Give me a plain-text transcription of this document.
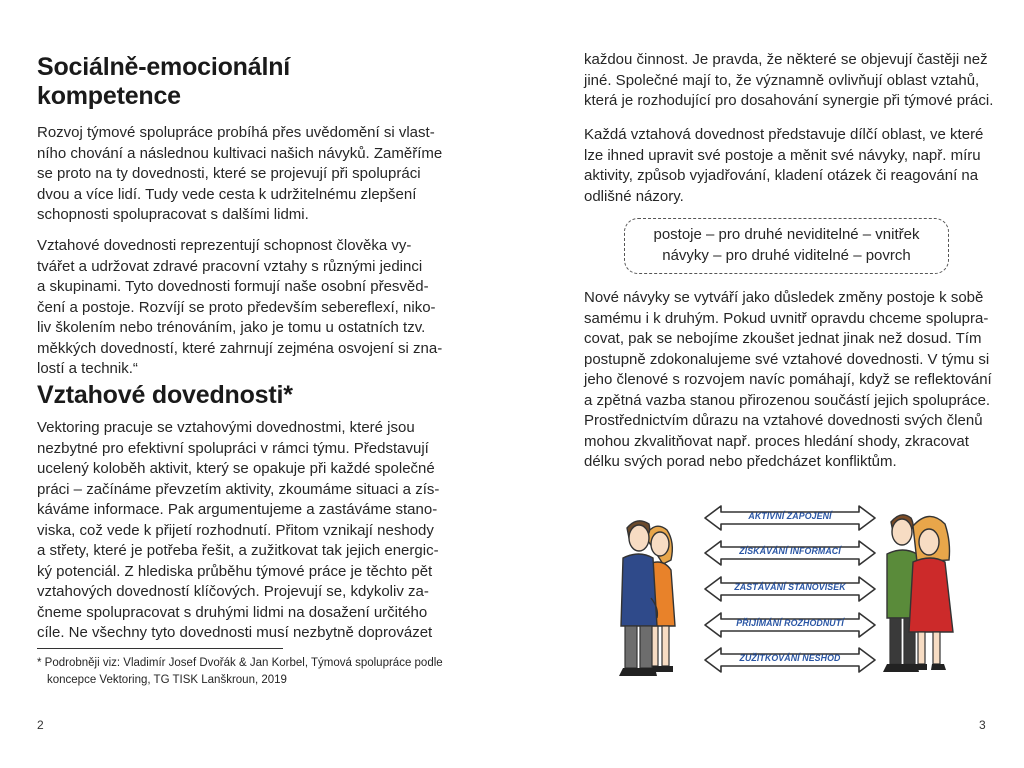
Sociálně-emocionální
kompetence

Rozvoj týmové spolupráce probíhá přes uvědomění si vlast-
ního chování a následnou kultivaci našich návyků. Zaměříme
se proto na ty dovednosti, které se projevují při spolupráci
dvou a více lidí. Tudy vede cesta k udržitelnému zlepšení
schopnosti spolupracovat s dalšími lidmi.

Vztahové dovednosti reprezentují schopnost člověka vy-
tvářet a udržovat zdravé pracovní vztahy s různými jedinci
a skupinami. Tyto dovednosti formují naše osobní přesvěd-
čení a postoje. Rozvíjí se proto především sebereflexí, niko-
liv školením nebo trénováním, jako je tomu u ostatních tzv.
měkkých dovedností, které zahrnují zejména osvojení si zna-
lostí a technik.“

Vztahové dovednosti*

Vektoring pracuje se vztahovými dovednostmi, které jsou
nezbytné pro efektivní spolupráci v rámci týmu. Představují
ucelený koloběh aktivit, který se opakuje při každé společné
práci – začínáme převzetím aktivity, zkoumáme situaci a zís-
káváme informace. Pak argumentujeme a zastáváme stano-
viska, což vede k přijetí rozhodnutí. Přitom vznikají neshody
a střety, které je potřeba řešit, a zužitkovat tak jejich energic-
ký potenciál. Z hlediska průběhu týmové práce je těchto pět
vztahových dovedností klíčových. Projevují se, kdykoliv za-
čneme spolupracovat s druhými lidmi na dosažení určitého
cíle. Ne všechny tyto dovednosti musí nezbytně doprovázet

* Podrobněji viz: Vladimír Josef Dvořák & Jan Korbel, Týmová spolupráce podle
koncepce Vektoring, TG TISK Lanškroun, 2019

2

každou činnost. Je pravda, že některé se objevují častěji než
jiné. Společné mají to, že významně ovlivňují oblast vztahů,
která je rozhodující pro dosahování synergie při týmové práci.

Každá vztahová dovednost představuje dílčí oblast, ve které
lze ihned upravit své postoje a měnit své návyky, např. míru
aktivity, způsob vyjadřování, kladení otázek či reagování na
odlišné názory.

postoje – pro druhé neviditelné – vnitřek
návyky – pro druhé viditelné – povrch

Nové návyky se vytváří jako důsledek změny postoje k sobě
samému i k druhým. Pokud uvnitř opravdu chceme spolupra-
covat, pak se nebojíme zkoušet jednat jinak než dosud. Tím
postupně zdokonalujeme své vztahové dovednosti. V týmu si
jeho členové s rozvojem navíc pomáhají, když se reflektování
a zpětná vazba stanou přirozenou součástí jejich spolupráce.
Prostřednictvím důrazu na vztahové dovednosti svých členů
mohou zkvalitňovat např. proces hledání shody, zkracovat
délku svých porad nebo předcházet konfliktům.

3
AKTIVNÍ ZAPOJENÍ
ZÍSKÁVÁNÍ INFORMACÍ
ZASTÁVÁNÍ STANOVISEK
PŘIJÍMÁNÍ ROZHODNUTÍ
ZUŽITKOVÁNÍ NESHOD
